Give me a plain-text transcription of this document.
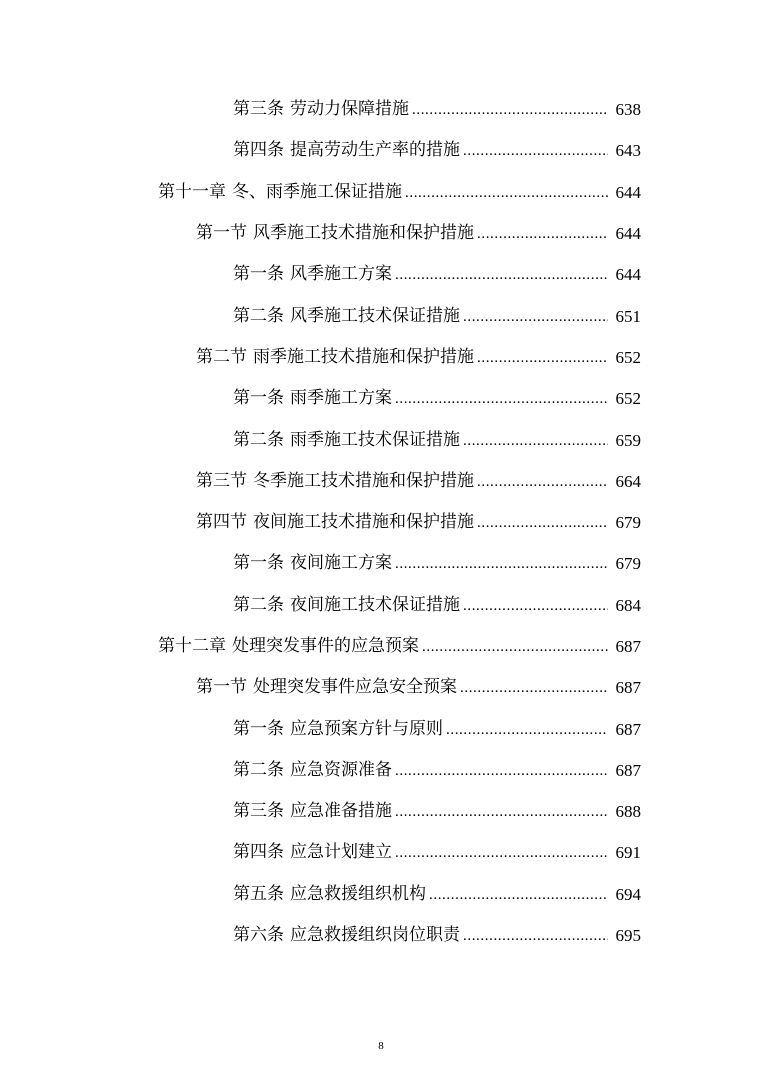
第三条 劳动力保障措施 .....	638
第四条 提高劳动生产率的措施 .....	643
第十一章 冬、雨季施工保证措施 .....	644
第一节 风季施工技术措施和保护措施 .....	644
第一条 风季施工方案 .....	644
第二条 风季施工技术保证措施 .....	651
第二节 雨季施工技术措施和保护措施 .....	652
第一条 雨季施工方案 .....	652
第二条 雨季施工技术保证措施 .....	659
第三节 冬季施工技术措施和保护措施 .....	664
第四节 夜间施工技术措施和保护措施 .....	679
第一条 夜间施工方案 .....	679
第二条 夜间施工技术保证措施 .....	684
第十二章 处理突发事件的应急预案 .....	687
第一节 处理突发事件应急安全预案 .....	687
第一条 应急预案方针与原则 .....	687
第二条 应急资源准备 .....	687
第三条 应急准备措施 .....	688
第四条 应急计划建立 .....	691
第五条 应急救援组织机构 .....	694
第六条 应急救援组织岗位职责 .....	695
8
